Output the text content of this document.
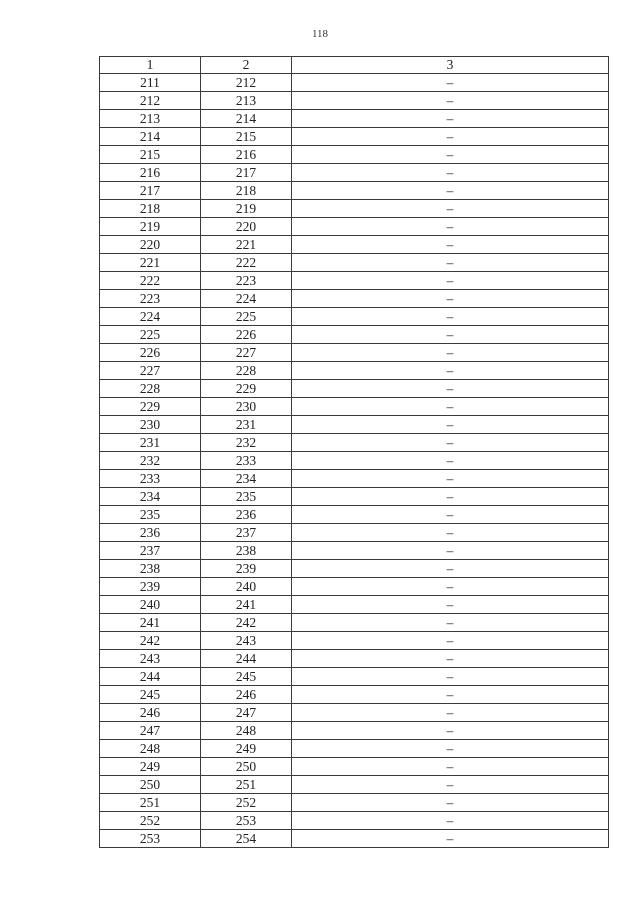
118
1	2	3
211	212	–
212	213	–
213	214	–
214	215	–
215	216	–
216	217	–
217	218	–
218	219	–
219	220	–
220	221	–
221	222	–
222	223	–
223	224	–
224	225	–
225	226	–
226	227	–
227	228	–
228	229	–
229	230	–
230	231	–
231	232	–
232	233	–
233	234	–
234	235	–
235	236	–
236	237	–
237	238	–
238	239	–
239	240	–
240	241	–
241	242	–
242	243	–
243	244	–
244	245	–
245	246	–
246	247	–
247	248	–
248	249	–
249	250	–
250	251	–
251	252	–
252	253	–
253	254	–
